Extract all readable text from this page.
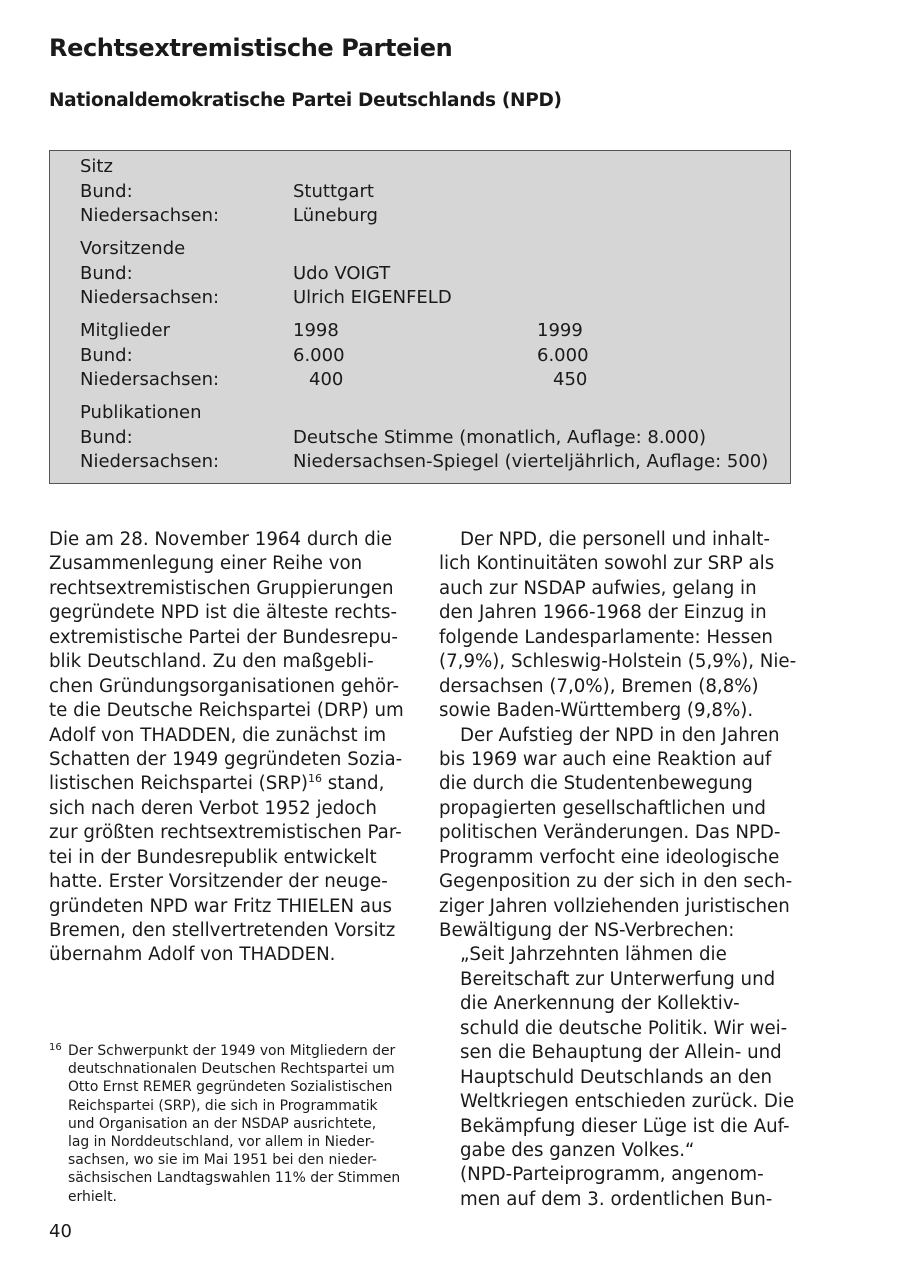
Rechtsextremistische Parteien
Nationaldemokratische Partei Deutschlands (NPD)
Sitz
Bund:	Stuttgart
Niedersachsen:	Lüneburg
Vorsitzende
Bund:	Udo VOIGT
Niedersachsen:	Ulrich EIGENFELD
Mitglieder	1998	1999
Bund:	6.000	6.000
Niedersachsen:	400	450
Publikationen
Bund:	Deutsche Stimme (monatlich, Auflage: 8.000)
Niedersachsen:	Niedersachsen-Spiegel (vierteljährlich, Auflage: 500)
Die am 28. November 1964 durch die
Zusammenlegung einer Reihe von
rechtsextremistischen Gruppierungen
gegründete NPD ist die älteste rechts-
extremistische Partei der Bundesrepu-
blik Deutschland. Zu den maßgebli-
chen Gründungsorganisationen gehör-
te die Deutsche Reichspartei (DRP) um
Adolf von THADDEN, die zunächst im
Schatten der 1949 gegründeten Sozia-
listischen Reichspartei (SRP)$^{16}$ stand,
sich nach deren Verbot 1952 jedoch
zur größten rechtsextremistischen Par-
tei in der Bundesrepublik entwickelt
hatte. Erster Vorsitzender der neuge-
gründeten NPD war Fritz THIELEN aus
Bremen, den stellvertretenden Vorsitz
übernahm Adolf von THADDEN.
16 Der Schwerpunkt der 1949 von Mitgliedern der
deutschnationalen Deutschen Rechtspartei um
Otto Ernst REMER gegründeten Sozialistischen
Reichspartei (SRP), die sich in Programmatik
und Organisation an der NSDAP ausrichtete,
lag in Norddeutschland, vor allem in Nieder-
sachsen, wo sie im Mai 1951 bei den nieder-
sächsischen Landtagswahlen 11% der Stimmen
erhielt.
Der NPD, die personell und inhalt-
lich Kontinuitäten sowohl zur SRP als
auch zur NSDAP aufwies, gelang in
den Jahren 1966-1968 der Einzug in
folgende Landesparlamente: Hessen
(7,9%), Schleswig-Holstein (5,9%), Nie-
dersachsen (7,0%), Bremen (8,8%)
sowie Baden-Württemberg (9,8%).
Der Aufstieg der NPD in den Jahren
bis 1969 war auch eine Reaktion auf
die durch die Studentenbewegung
propagierten gesellschaftlichen und
politischen Veränderungen. Das NPD-
Programm verfocht eine ideologische
Gegenposition zu der sich in den sech-
ziger Jahren vollziehenden juristischen
Bewältigung der NS-Verbrechen:
„Seit Jahrzehnten lähmen die
Bereitschaft zur Unterwerfung und
die Anerkennung der Kollektiv-
schuld die deutsche Politik. Wir wei-
sen die Behauptung der Allein- und
Hauptschuld Deutschlands an den
Weltkriegen entschieden zurück. Die
Bekämpfung dieser Lüge ist die Auf-
gabe des ganzen Volkes.“
(NPD-Parteiprogramm, angenom-
men auf dem 3. ordentlichen Bun-
40
